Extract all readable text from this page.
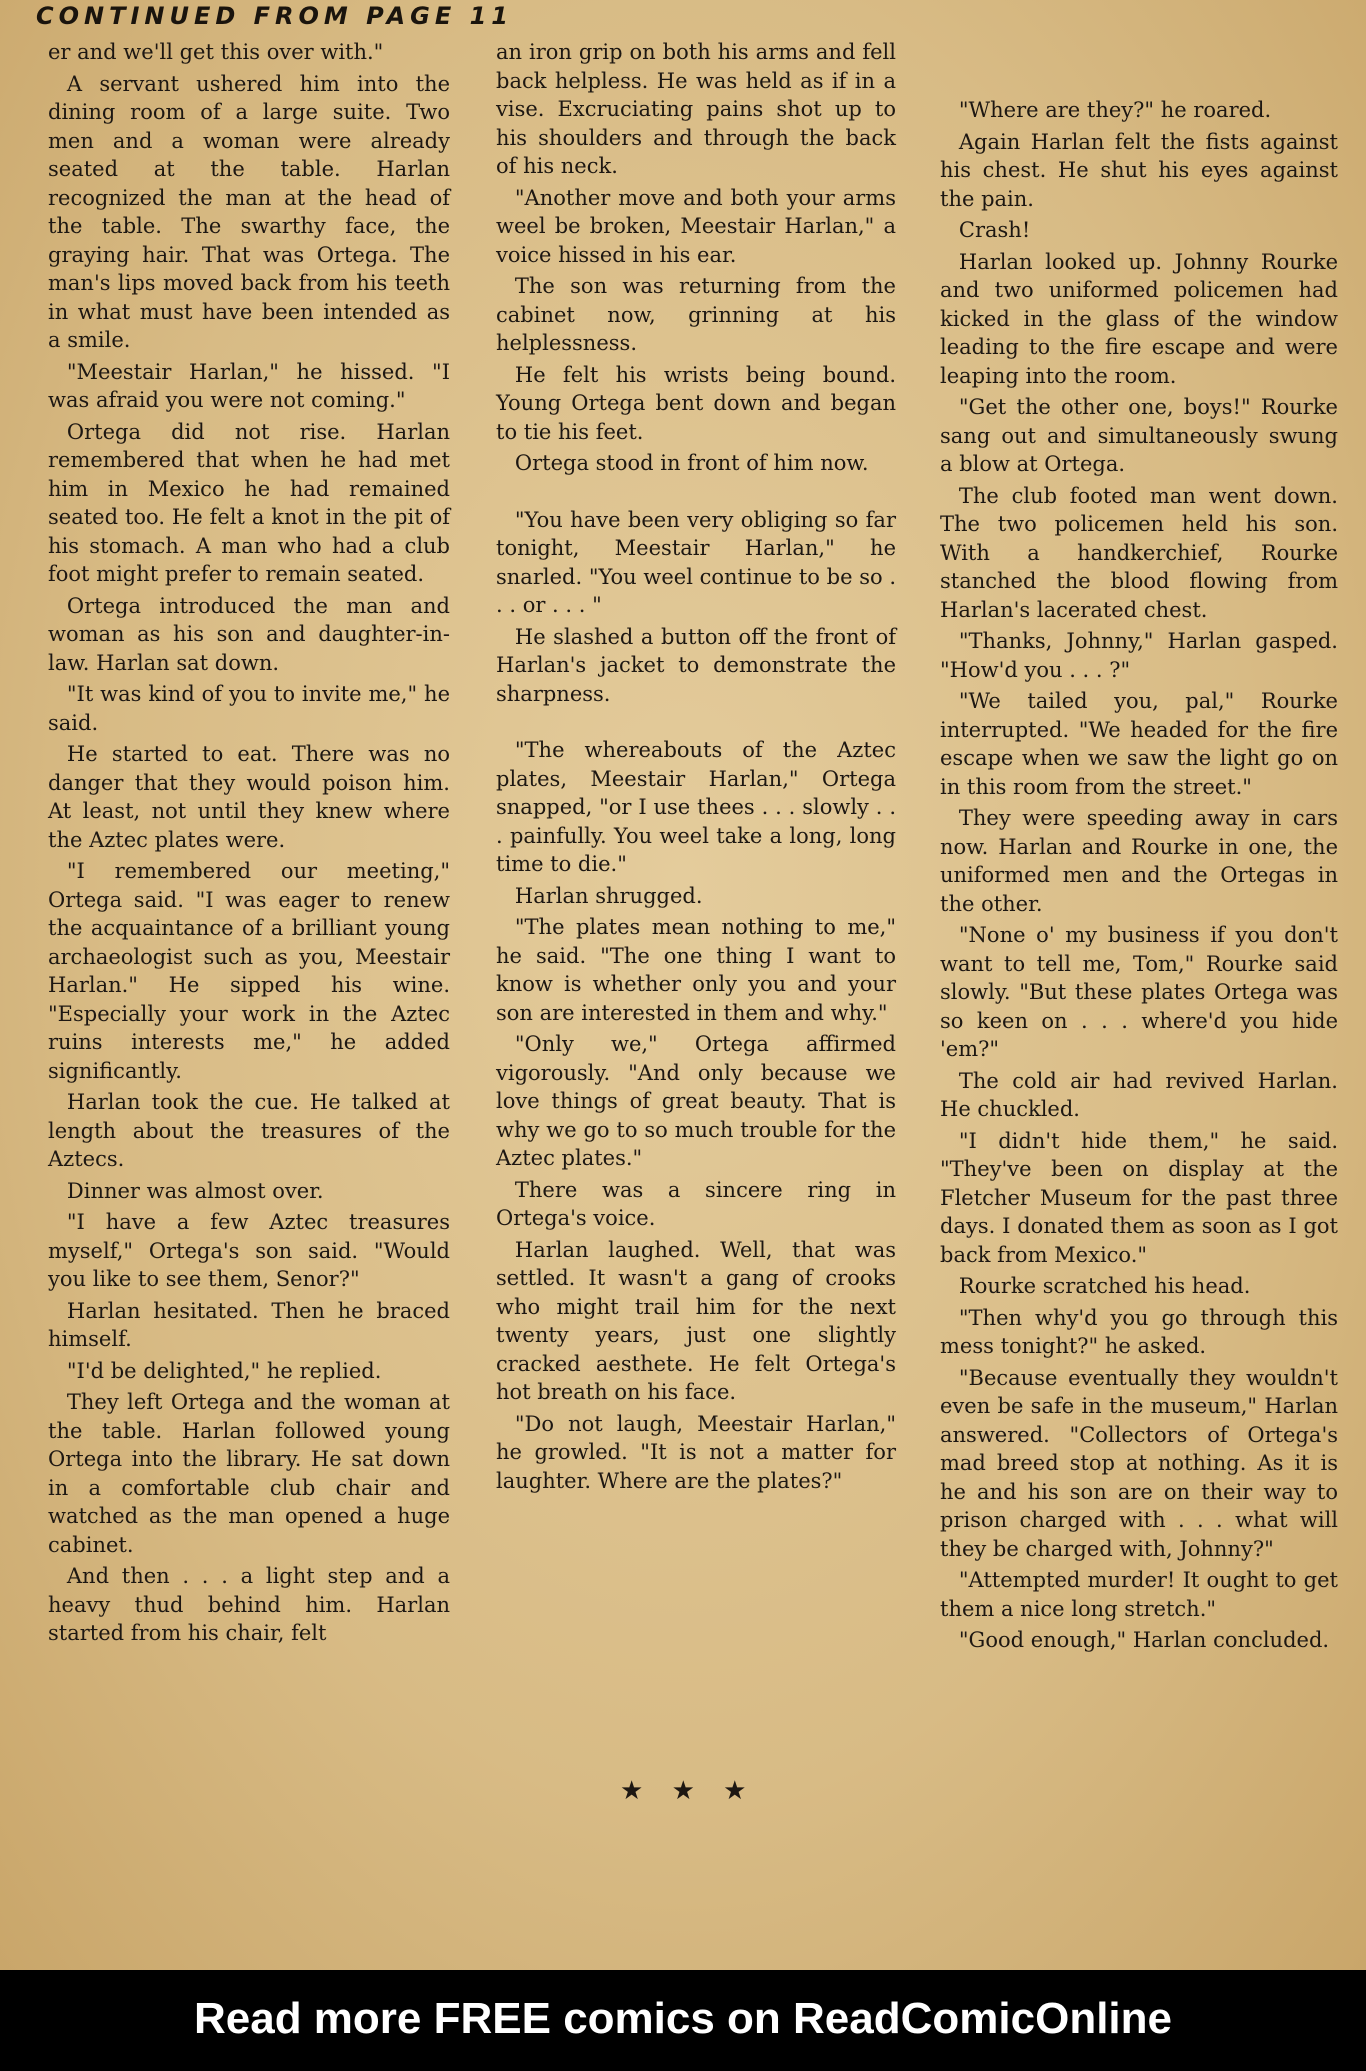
CONTINUED FROM PAGE 11

er and we'll get this over with."

A servant ushered him into the dining room of a large suite. Two men and a woman were already seated at the table. Harlan recognized the man at the head of the table. The swarthy face, the graying hair. That was Ortega. The man's lips moved back from his teeth in what must have been intended as a smile.

"Meestair Harlan," he hissed. "I was afraid you were not coming."

Ortega did not rise. Harlan remembered that when he had met him in Mexico he had remained seated too. He felt a knot in the pit of his stomach. A man who had a club foot might prefer to remain seated.

Ortega introduced the man and woman as his son and daughter-in-law. Harlan sat down.

"It was kind of you to invite me," he said.

He started to eat. There was no danger that they would poison him. At least, not until they knew where the Aztec plates were.

"I remembered our meeting," Ortega said. "I was eager to renew the acquaintance of a brilliant young archaeologist such as you, Meestair Harlan." He sipped his wine. "Especially your work in the Aztec ruins interests me," he added significantly.

Harlan took the cue. He talked at length about the treasures of the Aztecs.

Dinner was almost over.

"I have a few Aztec treasures myself," Ortega's son said. "Would you like to see them, Senor?"

Harlan hesitated. Then he braced himself.

"I'd be delighted," he replied.

They left Ortega and the woman at the table. Harlan followed young Ortega into the library. He sat down in a comfortable club chair and watched as the man opened a huge cabinet.

And then . . . a light step and a heavy thud behind him. Harlan started from his chair, felt

an iron grip on both his arms and fell back helpless. He was held as if in a vise. Excruciating pains shot up to his shoulders and through the back of his neck.

"Another move and both your arms weel be broken, Meestair Harlan," a voice hissed in his ear.

The son was returning from the cabinet now, grinning at his helplessness.

He felt his wrists being bound. Young Ortega bent down and began to tie his feet.

Ortega stood in front of him now.

"You have been very obliging so far tonight, Meestair Harlan," he snarled. "You weel continue to be so . . . or . . . "

He slashed a button off the front of Harlan's jacket to demonstrate the sharpness.

"The whereabouts of the Aztec plates, Meestair Harlan," Ortega snapped, "or I use thees . . . slowly . . . painfully. You weel take a long, long time to die."

Harlan shrugged.

"The plates mean nothing to me," he said. "The one thing I want to know is whether only you and your son are interested in them and why."

"Only we," Ortega affirmed vigorously. "And only because we love things of great beauty. That is why we go to so much trouble for the Aztec plates."

There was a sincere ring in Ortega's voice.

Harlan laughed. Well, that was settled. It wasn't a gang of crooks who might trail him for the next twenty years, just one slightly cracked aesthete. He felt Ortega's hot breath on his face.

"Do not laugh, Meestair Harlan," he growled. "It is not a matter for laughter. Where are the plates?"

"Where are they?" he roared.

Again Harlan felt the fists against his chest. He shut his eyes against the pain.

Crash!

Harlan looked up. Johnny Rourke and two uniformed policemen had kicked in the glass of the window leading to the fire escape and were leaping into the room.

"Get the other one, boys!" Rourke sang out and simultaneously swung a blow at Ortega.

The club footed man went down. The two policemen held his son. With a handkerchief, Rourke stanched the blood flowing from Harlan's lacerated chest.

"Thanks, Johnny," Harlan gasped. "How'd you . . . ?"

"We tailed you, pal," Rourke interrupted. "We headed for the fire escape when we saw the light go on in this room from the street."

They were speeding away in cars now. Harlan and Rourke in one, the uniformed men and the Ortegas in the other.

"None o' my business if you don't want to tell me, Tom," Rourke said slowly. "But these plates Ortega was so keen on . . . where'd you hide 'em?"

The cold air had revived Harlan. He chuckled.

"I didn't hide them," he said. "They've been on display at the Fletcher Museum for the past three days. I donated them as soon as I got back from Mexico."

Rourke scratched his head.

"Then why'd you go through this mess tonight?" he asked.

"Because eventually they wouldn't even be safe in the museum," Harlan answered. "Collectors of Ortega's mad breed stop at nothing. As it is he and his son are on their way to prison charged with . . . what will they be charged with, Johnny?"

"Attempted murder! It ought to get them a nice long stretch."

"Good enough," Harlan concluded.

★ ★ ★
Read more FREE comics on ReadComicOnline
